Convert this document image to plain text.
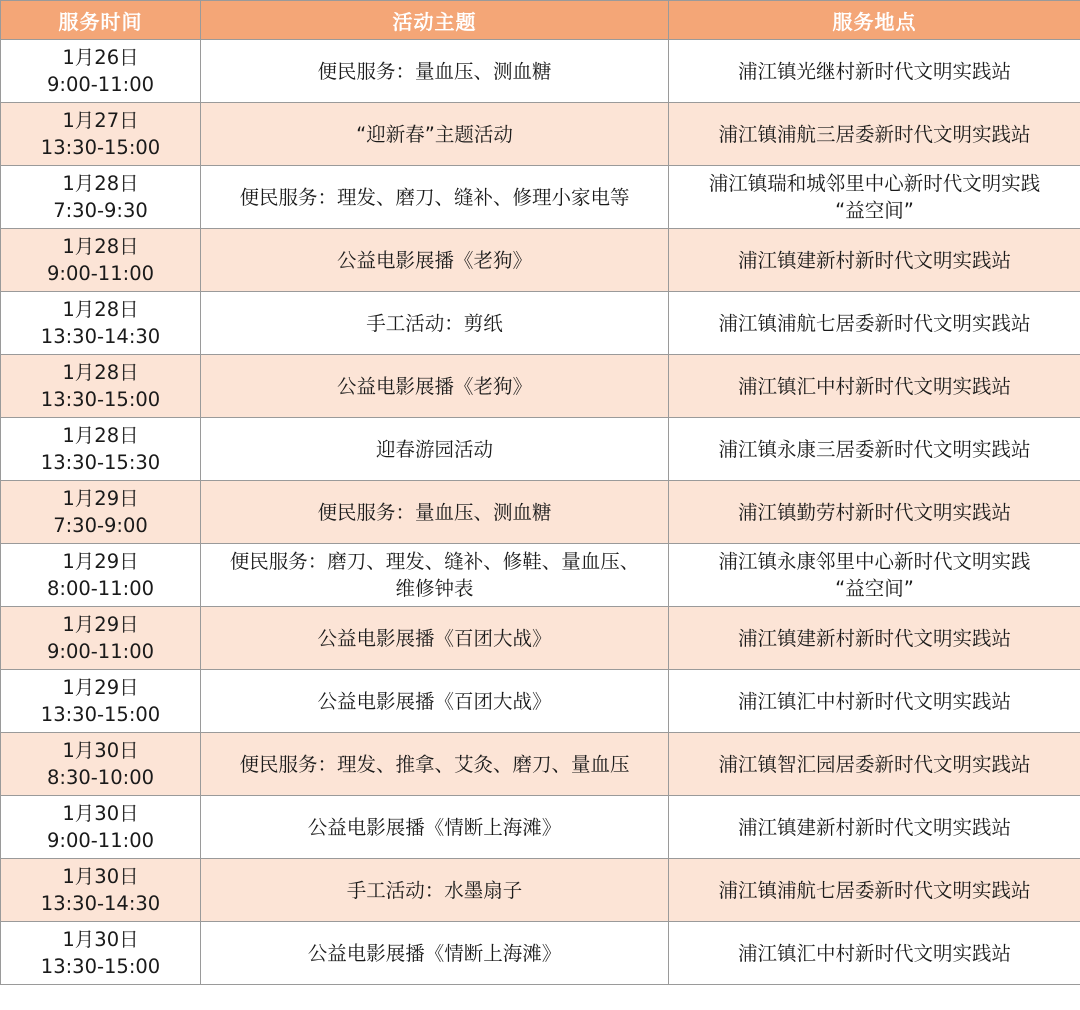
服务时间	活动主题	服务地点

1月26日
9:00-11:00	便民服务：量血压、测血糖	浦江镇光继村新时代文明实践站

1月27日
13:30-15:00	“迎新春”主题活动	浦江镇浦航三居委新时代文明实践站

1月28日
7:30-9:30	便民服务：理发、磨刀、缝补、修理小家电等	浦江镇瑞和城邻里中心新时代文明实践
“益空间”

1月28日
9:00-11:00	公益电影展播《老狗》	浦江镇建新村新时代文明实践站

1月28日
13:30-14:30	手工活动：剪纸	浦江镇浦航七居委新时代文明实践站

1月28日
13:30-15:00	公益电影展播《老狗》	浦江镇汇中村新时代文明实践站

1月28日
13:30-15:30	迎春游园活动	浦江镇永康三居委新时代文明实践站

1月29日
7:30-9:00	便民服务：量血压、测血糖	浦江镇勤劳村新时代文明实践站

1月29日
8:00-11:00	便民服务：磨刀、理发、缝补、修鞋、量血压、
维修钟表	浦江镇永康邻里中心新时代文明实践
“益空间”

1月29日
9:00-11:00	公益电影展播《百团大战》	浦江镇建新村新时代文明实践站

1月29日
13:30-15:00	公益电影展播《百团大战》	浦江镇汇中村新时代文明实践站

1月30日
8:30-10:00	便民服务：理发、推拿、艾灸、磨刀、量血压	浦江镇智汇园居委新时代文明实践站

1月30日
9:00-11:00	公益电影展播《情断上海滩》	浦江镇建新村新时代文明实践站

1月30日
13:30-14:30	手工活动：水墨扇子	浦江镇浦航七居委新时代文明实践站

1月30日
13:30-15:00	公益电影展播《情断上海滩》	浦江镇汇中村新时代文明实践站
